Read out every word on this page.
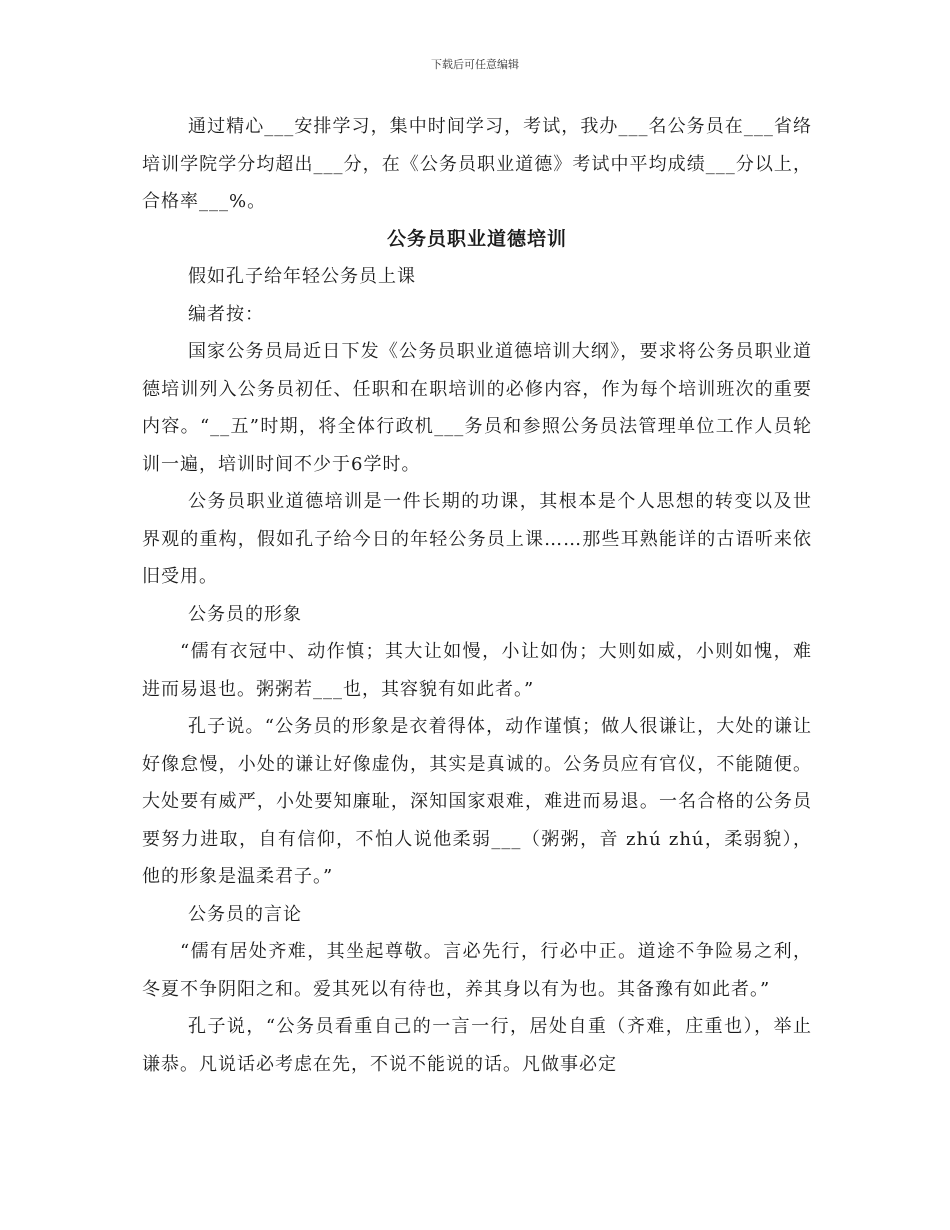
下载后可任意编辑

通过精心___安排学习，集中时间学习，考试，我办___名公务员在___省络培训学院学分均超出___分，在《公务员职业道德》考试中平均成绩___分以上，合格率___%。

公务员职业道德培训

假如孔子给年轻公务员上课

编者按：

国家公务员局近日下发《公务员职业道德培训大纲》，要求将公务员职业道德培训列入公务员初任、任职和在职培训的必修内容，作为每个培训班次的重要内容。“__五”时期，将全体行政机___务员和参照公务员法管理单位工作人员轮训一遍，培训时间不少于6学时。

公务员职业道德培训是一件长期的功课，其根本是个人思想的转变以及世界观的重构，假如孔子给今日的年轻公务员上课……那些耳熟能详的古语听来依旧受用。

公务员的形象

“儒有衣冠中、动作慎；其大让如慢，小让如伪；大则如威，小则如愧，难进而易退也。粥粥若___也，其容貌有如此者。”

孔子说。“公务员的形象是衣着得体，动作谨慎；做人很谦让，大处的谦让好像怠慢，小处的谦让好像虚伪，其实是真诚的。公务员应有官仪，不能随便。大处要有威严，小处要知廉耻，深知国家艰难，难进而易退。一名合格的公务员要努力进取，自有信仰，不怕人说他柔弱___（粥粥，音 zhú zhú，柔弱貌），他的形象是温柔君子。”

公务员的言论

“儒有居处齐难，其坐起尊敬。言必先行，行必中正。道途不争险易之利，冬夏不争阴阳之和。爱其死以有待也，养其身以有为也。其备豫有如此者。”

孔子说，“公务员看重自己的一言一行，居处自重（齐难，庄重也），举止谦恭。凡说话必考虑在先，不说不能说的话。凡做事必定
